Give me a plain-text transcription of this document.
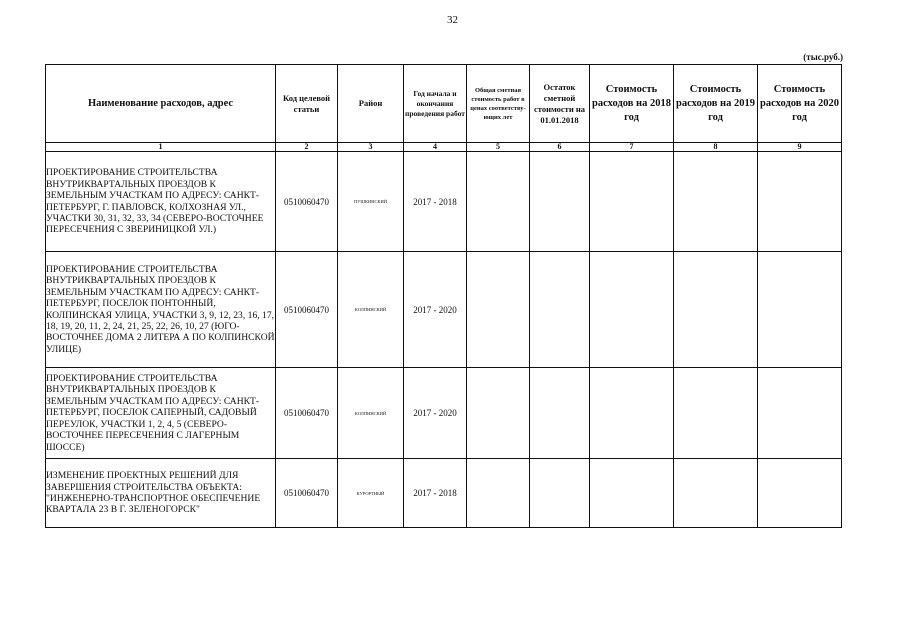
32
(тыс.руб.)
Наименование расходов, адрес	Код целевой статьи	Район	Год начала и окончания проведения работ	Общая сметная стоимость работ в ценах соответству-ющих лет	Остаток сметной стоимости на 01.01.2018	Стоимость расходов на 2018 год	Стоимость расходов на 2019 год	Стоимость расходов на 2020 год
1	2	3	4	5	6	7	8	9
ПРОЕКТИРОВАНИЕ СТРОИТЕЛЬСТВА ВНУТРИКВАРТАЛЬНЫХ ПРОЕЗДОВ К ЗЕМЕЛЬНЫМ УЧАСТКАМ ПО АДРЕСУ: САНКТ-ПЕТЕРБУРГ, Г. ПАВЛОВСК, КОЛХОЗНАЯ УЛ., УЧАСТКИ 30, 31, 32, 33, 34 (СЕВЕРО-ВОСТОЧНЕЕ ПЕРЕСЕЧЕНИЯ С ЗВЕРИНИЦКОЙ УЛ.)	0510060470	ПУШКИНСКИЙ	2017 - 2018					
ПРОЕКТИРОВАНИЕ СТРОИТЕЛЬСТВА ВНУТРИКВАРТАЛЬНЫХ ПРОЕЗДОВ К ЗЕМЕЛЬНЫМ УЧАСТКАМ ПО АДРЕСУ: САНКТ-ПЕТЕРБУРГ, ПОСЕЛОК ПОНТОННЫЙ, КОЛПИНСКАЯ УЛИЦА, УЧАСТКИ 3, 9, 12, 23, 16, 17, 18, 19, 20, 11, 2, 24, 21, 25, 22, 26, 10, 27 (ЮГО-ВОСТОЧНЕЕ ДОМА 2 ЛИТЕРА А ПО КОЛПИНСКОЙ УЛИЦЕ)	0510060470	КОЛПИНСКИЙ	2017 - 2020					
ПРОЕКТИРОВАНИЕ СТРОИТЕЛЬСТВА ВНУТРИКВАРТАЛЬНЫХ ПРОЕЗДОВ К ЗЕМЕЛЬНЫМ УЧАСТКАМ ПО АДРЕСУ: САНКТ-ПЕТЕРБУРГ, ПОСЕЛОК САПЕРНЫЙ, САДОВЫЙ ПЕРЕУЛОК, УЧАСТКИ 1, 2, 4, 5 (СЕВЕРО-ВОСТОЧНЕЕ ПЕРЕСЕЧЕНИЯ С ЛАГЕРНЫМ ШОССЕ)	0510060470	КОЛПИНСКИЙ	2017 - 2020					
ИЗМЕНЕНИЕ ПРОЕКТНЫХ РЕШЕНИЙ ДЛЯ ЗАВЕРШЕНИЯ СТРОИТЕЛЬСТВА ОБЪЕКТА: "ИНЖЕНЕРНО-ТРАНСПОРТНОЕ ОБЕСПЕЧЕНИЕ КВАРТАЛА 23 В Г. ЗЕЛЕНОГОРСК"	0510060470	КУРОРТНЫЙ	2017 - 2018					
